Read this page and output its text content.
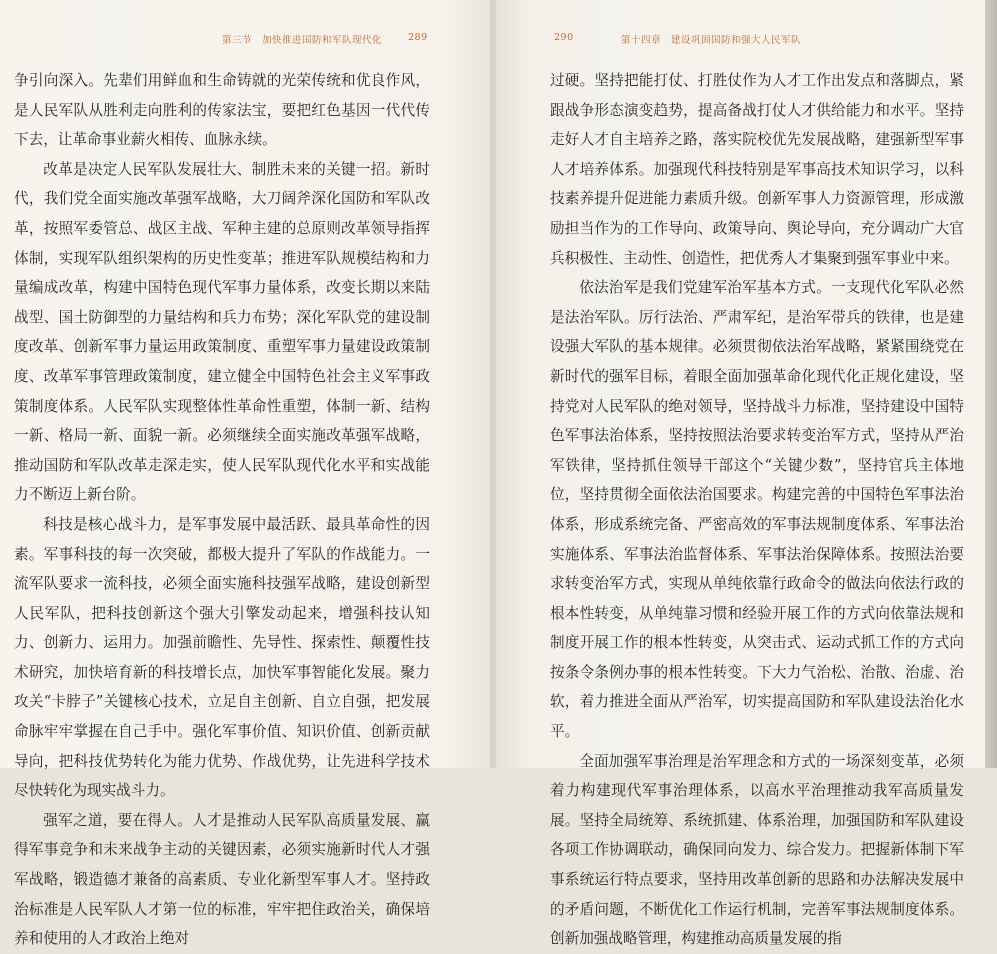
第三节　加快推进国防和军队现代化	289

争引向深入。先辈们用鲜血和生命铸就的光荣传统和优良作风，是人民军队从胜利走向胜利的传家法宝，要把红色基因一代代传下去，让革命事业薪火相传、血脉永续。

改革是决定人民军队发展壮大、制胜未来的关键一招。新时代，我们党全面实施改革强军战略，大刀阔斧深化国防和军队改革，按照军委管总、战区主战、军种主建的总原则改革领导指挥体制，实现军队组织架构的历史性变革；推进军队规模结构和力量编成改革，构建中国特色现代军事力量体系，改变长期以来陆战型、国土防御型的力量结构和兵力布势；深化军队党的建设制度改革、创新军事力量运用政策制度、重塑军事力量建设政策制度、改革军事管理政策制度，建立健全中国特色社会主义军事政策制度体系。人民军队实现整体性革命性重塑，体制一新、结构一新、格局一新、面貌一新。必须继续全面实施改革强军战略，推动国防和军队改革走深走实，使人民军队现代化水平和实战能力不断迈上新台阶。

科技是核心战斗力，是军事发展中最活跃、最具革命性的因素。军事科技的每一次突破，都极大提升了军队的作战能力。一流军队要求一流科技，必须全面实施科技强军战略，建设创新型人民军队，把科技创新这个强大引擎发动起来，增强科技认知力、创新力、运用力。加强前瞻性、先导性、探索性、颠覆性技术研究，加快培育新的科技增长点，加快军事智能化发展。聚力攻关“卡脖子”关键核心技术，立足自主创新、自立自强，把发展命脉牢牢掌握在自己手中。强化军事价值、知识价值、创新贡献导向，把科技优势转化为能力优势、作战优势，让先进科学技术尽快转化为现实战斗力。

强军之道，要在得人。人才是推动人民军队高质量发展、赢得军事竞争和未来战争主动的关键因素，必须实施新时代人才强军战略，锻造德才兼备的高素质、专业化新型军事人才。坚持政治标准是人民军队人才第一位的标准，牢牢把住政治关，确保培养和使用的人才政治上绝对

290	第十四章　建设巩固国防和强大人民军队

过硬。坚持把能打仗、打胜仗作为人才工作出发点和落脚点，紧跟战争形态演变趋势，提高备战打仗人才供给能力和水平。坚持走好人才自主培养之路，落实院校优先发展战略，建强新型军事人才培养体系。加强现代科技特别是军事高技术知识学习，以科技素养提升促进能力素质升级。创新军事人力资源管理，形成激励担当作为的工作导向、政策导向、舆论导向，充分调动广大官兵积极性、主动性、创造性，把优秀人才集聚到强军事业中来。

依法治军是我们党建军治军基本方式。一支现代化军队必然是法治军队。厉行法治、严肃军纪，是治军带兵的铁律，也是建设强大军队的基本规律。必须贯彻依法治军战略，紧紧围绕党在新时代的强军目标，着眼全面加强革命化现代化正规化建设，坚持党对人民军队的绝对领导，坚持战斗力标准，坚持建设中国特色军事法治体系，坚持按照法治要求转变治军方式，坚持从严治军铁律，坚持抓住领导干部这个“关键少数”，坚持官兵主体地位，坚持贯彻全面依法治国要求。构建完善的中国特色军事法治体系，形成系统完备、严密高效的军事法规制度体系、军事法治实施体系、军事法治监督体系、军事法治保障体系。按照法治要求转变治军方式，实现从单纯依靠行政命令的做法向依法行政的根本性转变，从单纯靠习惯和经验开展工作的方式向依靠法规和制度开展工作的根本性转变，从突击式、运动式抓工作的方式向按条令条例办事的根本性转变。下大力气治松、治散、治虚、治软，着力推进全面从严治军，切实提高国防和军队建设法治化水平。

全面加强军事治理是治军理念和方式的一场深刻变革，必须着力构建现代军事治理体系，以高水平治理推动我军高质量发展。坚持全局统筹、系统抓建、体系治理，加强国防和军队建设各项工作协调联动，确保同向发力、综合发力。把握新体制下军事系统运行特点要求，坚持用改革创新的思路和办法解决发展中的矛盾问题，不断优化工作运行机制，完善军事法规制度体系。创新加强战略管理，构建推动高质量发展的指
